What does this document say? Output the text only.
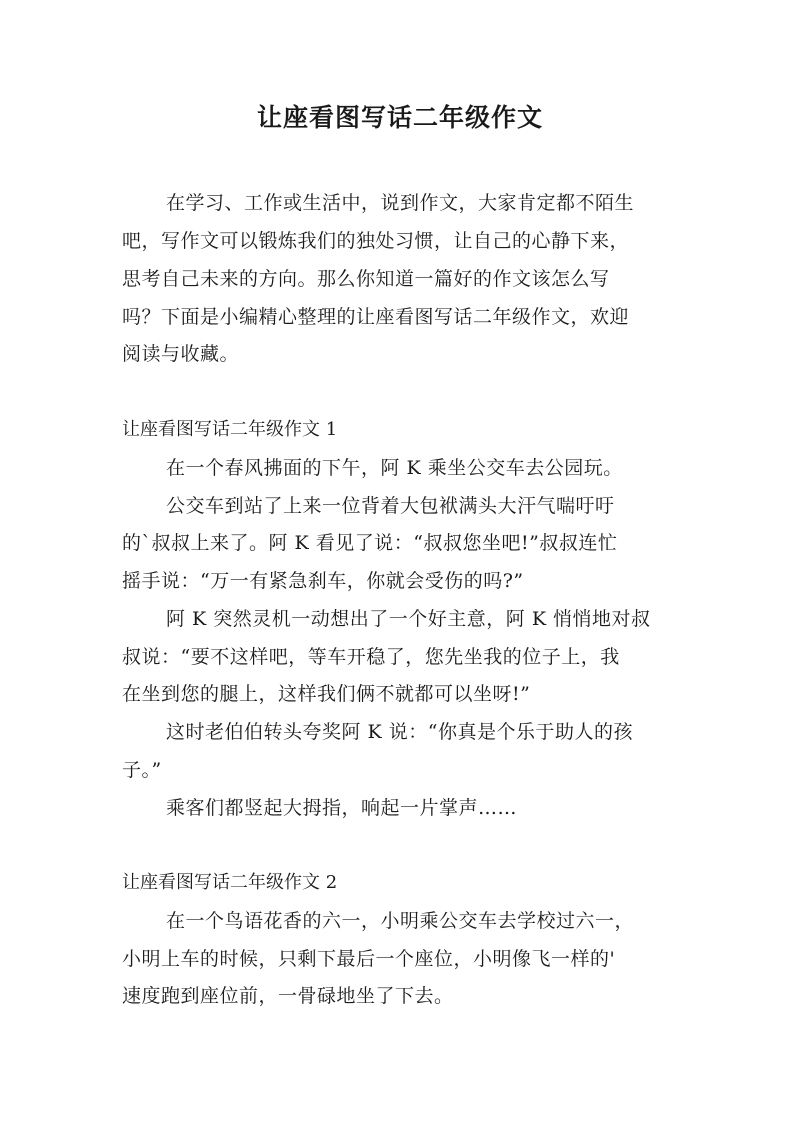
让座看图写话二年级作文
在学习、工作或生活中，说到作文，大家肯定都不陌生
吧，写作文可以锻炼我们的独处习惯，让自己的心静下来，
思考自己未来的方向。那么你知道一篇好的作文该怎么写
吗？下面是小编精心整理的让座看图写话二年级作文，欢迎
阅读与收藏。
让座看图写话二年级作文 1
在一个春风拂面的下午，阿 K 乘坐公交车去公园玩。
公交车到站了上来一位背着大包袱满头大汗气喘吁吁
的`叔叔上来了。阿 K 看见了说：“叔叔您坐吧!”叔叔连忙
摇手说：“万一有紧急刹车，你就会受伤的吗?”
阿 K 突然灵机一动想出了一个好主意，阿 K 悄悄地对叔
叔说：“要不这样吧，等车开稳了，您先坐我的位子上，我
在坐到您的腿上，这样我们俩不就都可以坐呀!”
这时老伯伯转头夸奖阿 K 说：“你真是个乐于助人的孩
子。”
乘客们都竖起大拇指，响起一片掌声……
让座看图写话二年级作文 2
在一个鸟语花香的六一，小明乘公交车去学校过六一，
小明上车的时候，只剩下最后一个座位，小明像飞一样的'
速度跑到座位前，一骨碌地坐了下去。
